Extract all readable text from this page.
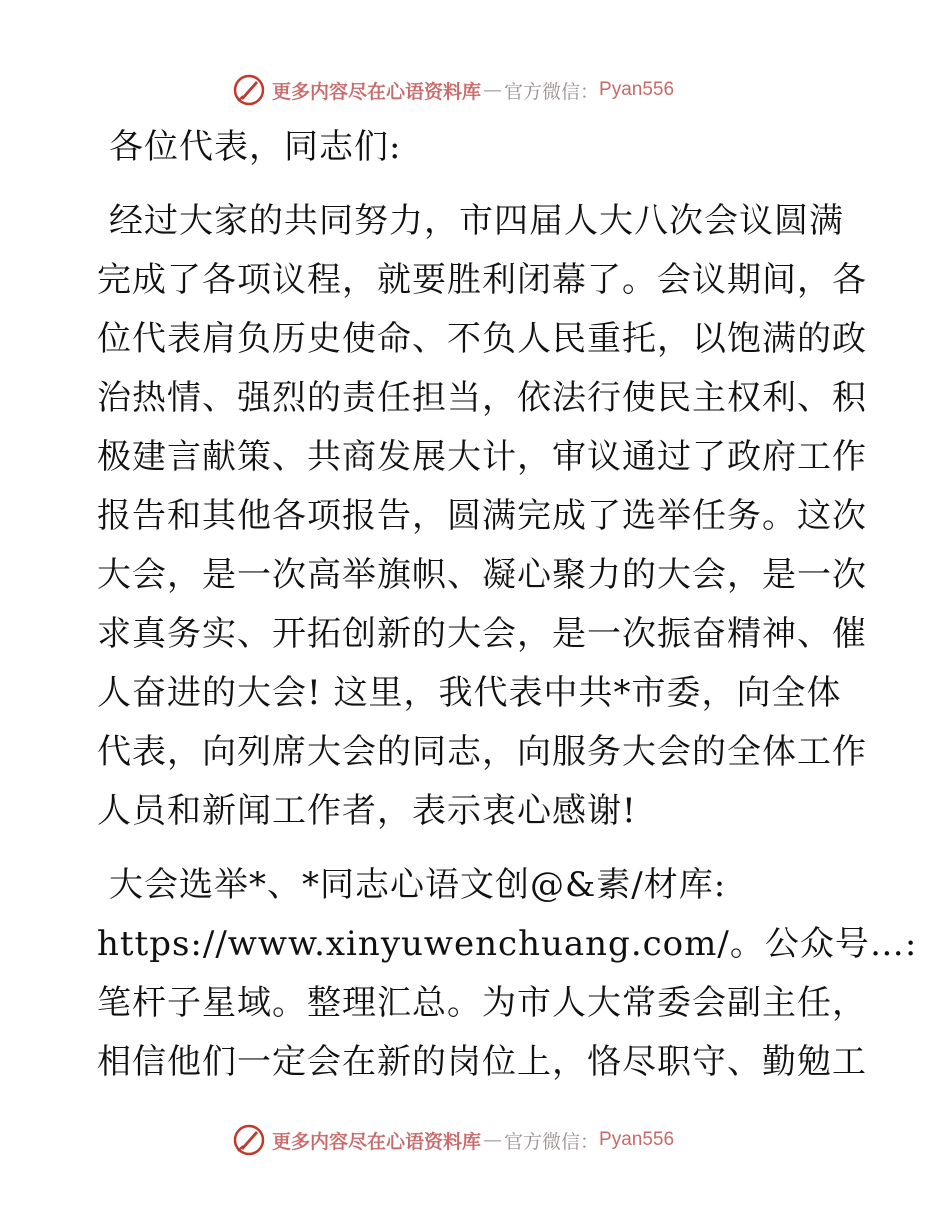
更多内容尽在心语资料库 — 官方微信： Pyan556
各位代表，同志们:
经过大家的共同努力，市四届人大八次会议圆满
完成了各项议程，就要胜利闭幕了。会议期间，各
位代表肩负历史使命、不负人民重托，以饱满的政
治热情、强烈的责任担当，依法行使民主权利、积
极建言献策、共商发展大计，审议通过了政府工作
报告和其他各项报告，圆满完成了选举任务。这次
大会，是一次高举旗帜、凝心聚力的大会，是一次
求真务实、开拓创新的大会，是一次振奋精神、催
人奋进的大会! 这里，我代表中共*市委，向全体
代表，向列席大会的同志，向服务大会的全体工作
人员和新闻工作者，表示衷心感谢!
大会选举*、*同志心语文创@&素/材库:
https://www.xinyuwenchuang.com/。公众号…:
笔杆子星域。整理汇总。为市人大常委会副主任，
相信他们一定会在新的岗位上，恪尽职守、勤勉工
更多内容尽在心语资料库 — 官方微信： Pyan556
